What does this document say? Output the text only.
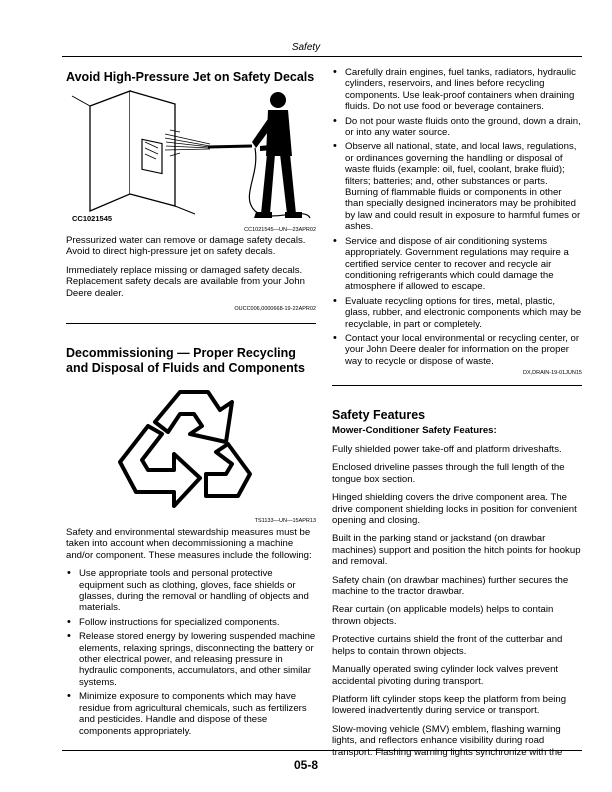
Safety
Avoid High-Pressure Jet on Safety Decals
CC1021545
CC1021545—UN—23APR02

Pressurized water can remove or damage safety decals. Avoid to direct high-pressure jet on safety decals.

Immediately replace missing or damaged safety decals. Replacement safety decals are available from your John Deere dealer.

OUCC006,0000668-19-22APR02
Decommissioning — Proper Recycling and Disposal of Fluids and Components
TS1133—UN—15APR13

Safety and environmental stewardship measures must be taken into account when decommissioning a machine and/or component. These measures include the following:

• Use appropriate tools and personal protective equipment such as clothing, gloves, face shields or glasses, during the removal or handling of objects and materials.
• Follow instructions for specialized components.
• Release stored energy by lowering suspended machine elements, relaxing springs, disconnecting the battery or other electrical power, and releasing pressure in hydraulic components, accumulators, and other similar systems.
• Minimize exposure to components which may have residue from agricultural chemicals, such as fertilizers and pesticides. Handle and dispose of these components appropriately.
• Carefully drain engines, fuel tanks, radiators, hydraulic cylinders, reservoirs, and lines before recycling components. Use leak-proof containers when draining fluids. Do not use food or beverage containers.
• Do not pour waste fluids onto the ground, down a drain, or into any water source.
• Observe all national, state, and local laws, regulations, or ordinances governing the handling or disposal of waste fluids (example: oil, fuel, coolant, brake fluid); filters; batteries; and, other substances or parts. Burning of flammable fluids or components in other than specially designed incinerators may be prohibited by law and could result in exposure to harmful fumes or ashes.
• Service and dispose of air conditioning systems appropriately. Government regulations may require a certified service center to recover and recycle air conditioning refrigerants which could damage the atmosphere if allowed to escape.
• Evaluate recycling options for tires, metal, plastic, glass, rubber, and electronic components which may be recyclable, in part or completely.
• Contact your local environmental or recycling center, or your John Deere dealer for information on the proper way to recycle or dispose of waste.
DX,DRAIN-19-01JUN15
Safety Features
Mower-Conditioner Safety Features:

Fully shielded power take-off and platform driveshafts.

Enclosed driveline passes through the full length of the tongue box section.

Hinged shielding covers the drive component area. The drive component shielding locks in position for convenient opening and closing.

Built in the parking stand or jackstand (on drawbar machines) support and position the hitch points for hookup and removal.

Safety chain (on drawbar machines) further secures the machine to the tractor drawbar.

Rear curtain (on applicable models) helps to contain thrown objects.

Protective curtains shield the front of the cutterbar and helps to contain thrown objects.

Manually operated swing cylinder lock valves prevent accidental pivoting during transport.

Platform lift cylinder stops keep the platform from being lowered inadvertently during service or transport.

Slow-moving vehicle (SMV) emblem, flashing warning lights, and reflectors enhance visibility during road transport. Flashing warning lights synchronize with the

05-8
